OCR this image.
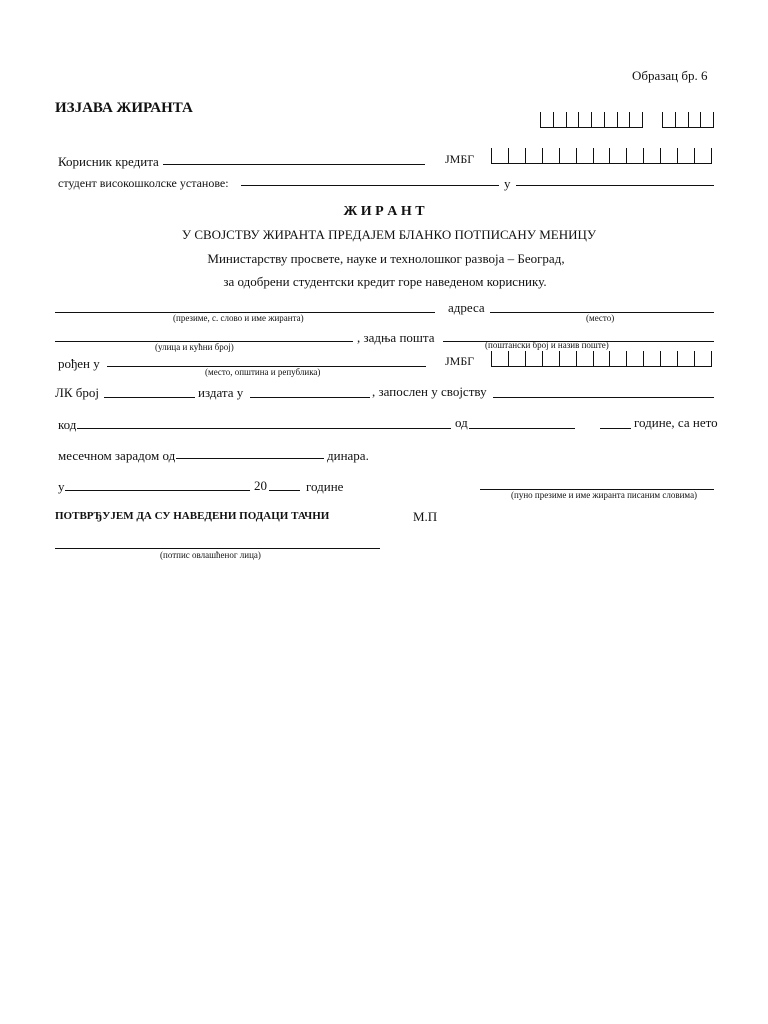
Образац бр. 6
ИЗЈАВА ЖИРАНТА
Корисник кредита	ЈМБГ
студент високошколске установе:	у
Ж И Р А Н Т
У СВОЈСТВУ ЖИРАНТА ПРЕДАЈЕМ БЛАНКО ПОТПИСАНУ МЕНИЦУ
Министарству просвете, науке и технолошког развоја – Београд,
за одобрени студентски кредит горе наведеном кориснику.
(презиме, с. слово и име жиранта)
адреса
(место)
(улица и кућни број)
, задња пошта	(поштански број и назив поште)
рођен у
(место, општина и република)
ЈМБГ
ЛК број	издата у	, запослен у својству
код	од	године, са нето
месечном зарадом од	динара.
у	20	године
(пуно презиме и име жиранта писаним словима)
ПОТВРЂУЈЕМ ДА СУ НАВЕДЕНИ ПОДАЦИ ТАЧНИ	М.П
(потпис овлашћеног лица)
